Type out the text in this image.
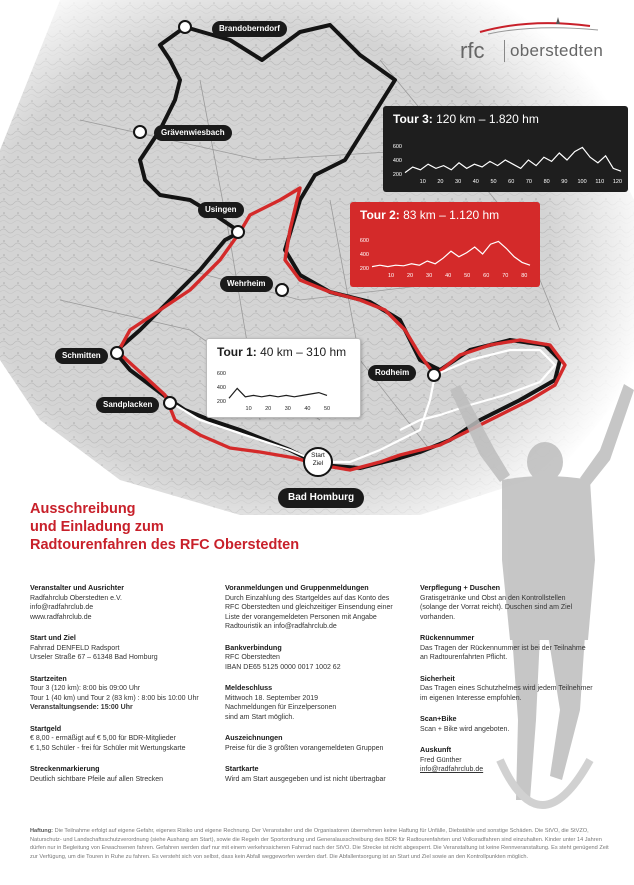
Brandoberndorf
Grävenwiesbach
Usingen
Wehrheim
Schmitten
Sandplacken
Rodheim
Start
Ziel
Bad Homburg
rfc oberstedten
Tour 3: 120 km – 1.820 hm
600
400
200
10 20 30 40 50 60 70 80 90 100 110 120
Tour 2: 83 km – 1.120 hm
600
400
200
10 20 30 40 50 60 70 80
Tour 1: 40 km – 310 hm
600
400
200
10 20 30 40 50
Ausschreibung
und Einladung zum
Radtourenfahren des RFC Oberstedten
Veranstalter und Ausrichter
Radfahrclub Oberstedten e.V.
info@radfahrclub.de
www.radfahrclub.de
Start und Ziel
Fahrrad DENFELD Radsport
Urseler Straße 67 – 61348 Bad Homburg
Startzeiten
Tour 3 (120 km): 8:00 bis 09:00 Uhr
Tour 1 (40 km) und Tour 2 (83 km) : 8:00 bis 10:00 Uhr
Veranstaltungsende: 15:00 Uhr
Startgeld
€ 8,00 - ermäßigt auf € 5,00 für BDR-Mitglieder
€ 1,50 Schüler - frei für Schüler mit Wertungskarte
Streckenmarkierung
Deutlich sichtbare Pfeile auf allen Strecken
Voranmeldungen und Gruppenmeldungen
Durch Einzahlung des Startgeldes auf das Konto des
RFC Oberstedten und gleichzeitiger Einsendung einer
Liste der vorangemeldeten Personen mit Angabe
Radtouristik an info@radfahrclub.de
Bankverbindung
RFC Oberstedten
IBAN DE65 5125 0000 0017 1002 62
Meldeschluss
Mittwoch 18. September 2019
Nachmeldungen für Einzelpersonen
sind am Start möglich.
Auszeichnungen
Preise für die 3 größten vorangemeldeten Gruppen
Startkarte
Wird am Start ausgegeben und ist nicht übertragbar
Verpflegung + Duschen
Gratisgetränke und Obst an den Kontrollstellen
(solange der Vorrat reicht). Duschen sind am Ziel
vorhanden.
Rückennummer
Das Tragen der Rückennummer ist bei der Teilnahme
an Radtourenfahrten Pflicht.
Sicherheit
Das Tragen eines Schutzhelmes wird jedem Teilnehmer
im eigenen Interesse empfohlen.
Scan+Bike
Scan + Bike wird angeboten.
Auskunft
Fred Günther
info@radfahrclub.de
Haftung: Die Teilnahme erfolgt auf eigene Gefahr, eigenes Risiko und eigene Rechnung. Der Veranstalter und die Organisatoren übernehmen keine Haftung für Unfälle, Diebstähle und sonstige Schäden. Die StVO, die StVZO, Naturschutz- und Landschaftsschutzverordnung (siehe Aushang am Start), sowie die Regeln der Sportordnung und Generalausschreibung des BDR für Radtourenfahrten und Volksradfahren sind einzuhalten. Kinder unter 14 Jahren dürfen nur in Begleitung von Erwachsenen fahren. Gefahren werden darf nur mit einem verkehrssicheren Fahrrad nach der StVO. Die Strecke ist nicht abgesperrt. Die Veranstaltung ist keine Rennveranstaltung. Es steht genügend Zeit zur Verfügung, um die Touren in Ruhe zu fahren. Es versteht sich von selbst, dass kein Abfall weggeworfen werden darf. Die Abfallentsorgung ist an Start und Ziel sowie an den Kontrollpunkten möglich.
